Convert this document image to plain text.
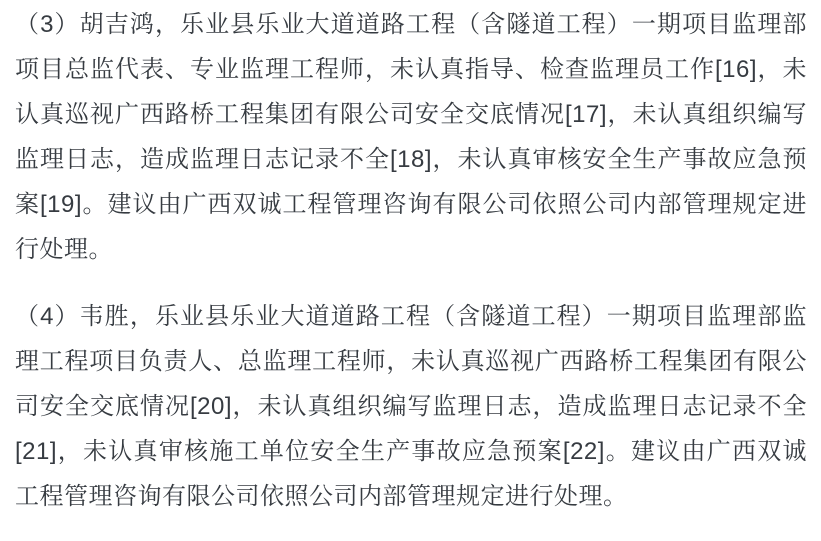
（3）胡吉鸿，乐业县乐业大道道路工程（含隧道工程）一期项目监理部项目总监代表、专业监理工程师，未认真指导、检查监理员工作[16]，未认真巡视广西路桥工程集团有限公司安全交底情况[17]，未认真组织编写监理日志，造成监理日志记录不全[18]，未认真审核安全生产事故应急预案[19]。建议由广西双诚工程管理咨询有限公司依照公司内部管理规定进行处理。

（4）韦胜，乐业县乐业大道道路工程（含隧道工程）一期项目监理部监理工程项目负责人、总监理工程师，未认真巡视广西路桥工程集团有限公司安全交底情况[20]，未认真组织编写监理日志，造成监理日志记录不全[21]，未认真审核施工单位安全生产事故应急预案[22]。建议由广西双诚工程管理咨询有限公司依照公司内部管理规定进行处理。
